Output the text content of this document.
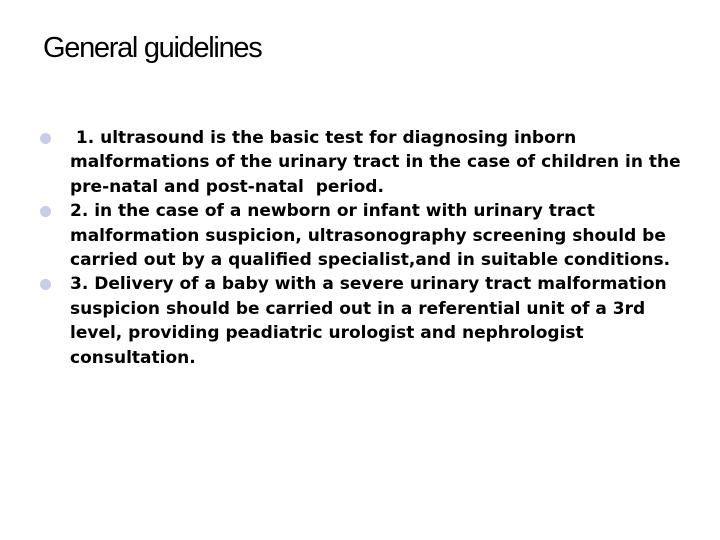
General guidelines
1. ultrasound is the basic test for diagnosing inborn malformations of the urinary tract in the case of children in the pre-natal and post-natal  period.
2. in the case of a newborn or infant with urinary tract malformation suspicion, ultrasonography screening should be carried out by a qualified specialist,and in suitable conditions.
3. Delivery of a baby with a severe urinary tract malformation suspicion should be carried out in a referential unit of a 3rd level, providing peadiatric urologist and nephrologist consultation.
